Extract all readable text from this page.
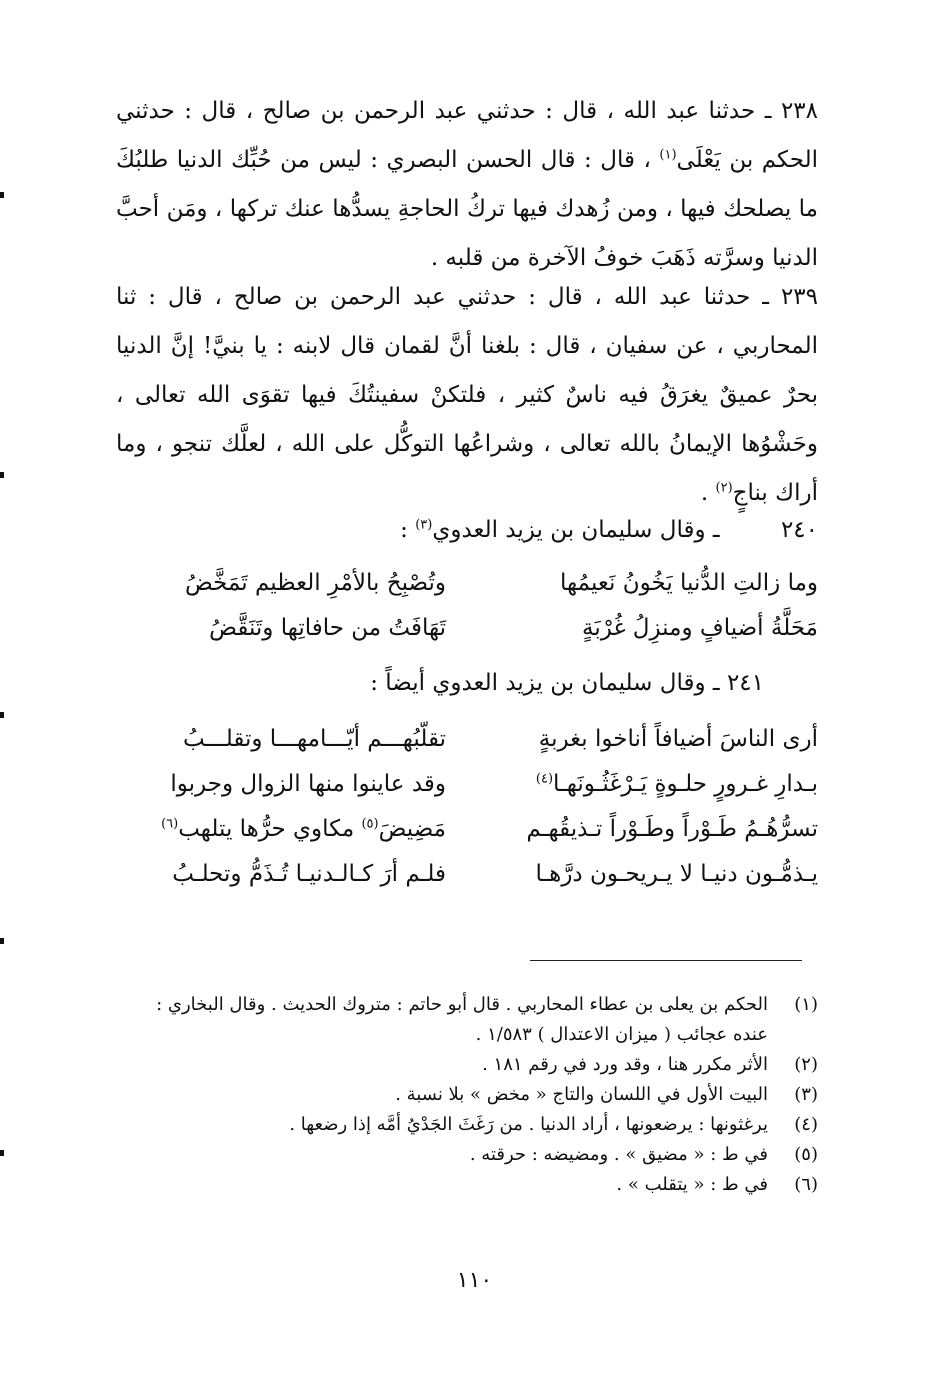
٢٣٨ ـ حدثنا عبد الله ، قال : حدثني عبد الرحمن بن صالح ، قال : حدثني الحكم بن يَعْلَى$^{(١)}$ ، قال : قال الحسن البصري : ليس من حُبِّك الدنيا طلبُكَ ما يصلحك فيها ، ومن زُهدك فيها تركُ الحاجةِ يسدُّها عنك تركها ، ومَن أحبَّ الدنيا وسرَّته ذَهَبَ خوفُ الآخرة من قلبه .

٢٣٩ ـ حدثنا عبد الله ، قال : حدثني عبد الرحمن بن صالح ، قال : ثنا المحاربي ، عن سفيان ، قال : بلغنا أنَّ لقمان قال لابنه : يا بنيَّ! إنَّ الدنيا بحرٌ عميقٌ يغرَقُ فيه ناسٌ كثير ، فلتكنْ سفينتُكَ فيها تقوَى الله تعالى ، وحَشْوُها الإيمانُ بالله تعالى ، وشراعُها التوكُّل على الله ، لعلَّك تنجو ، وما أراك بناجٍ$^{(٢)}$ .

٢٤٠ ـ وقال سليمان بن يزيد العدوي$^{(٣)}$ :
وما زالتِ الدُّنيا يَخُونُ نَعيمُها
وتُصْبِحُ بالأمْرِ العظيم تَمَخَّضُ
مَحَلَّةُ أضيافٍ ومنزِلُ غُرْبَةٍ
تَهَافَتُ من حافاتِها وتَنَقَّضُ
٢٤١ ـ وقال سليمان بن يزيد العدوي أيضاً :
أرى الناسَ أضيافاً أناخوا بغربةٍ
تقلّبُهـــم أيّـــامهـــا وتقلـــبُ
بـدارِ غـرورٍ حلـوةٍ يَـرْغَثُـونَهـا$^{(٤)}$
وقد عاينوا منها الزوال وجربوا
تسرُّهُـمُ طَـوْراً وطَـوْراً تـذيقُهـم
مَضِيضَ$^{(٥)}$ مكاوي حرُّها يتلهب$^{(٦)}$
يـذمُّـون دنيـا لا يـريحـون درَّهـا
فلـم أرَ كـالـدنيـا تُـذَمُّ وتحلـبُ
(١)
الحكم بن يعلى بن عطاء المحاربي . قال أبو حاتم : متروك الحديث . وقال البخاري : عنده عجائب ( ميزان الاعتدال ) ١/٥٨٣ .
(٢)
الأثر مكرر هنا ، وقد ورد في رقم ١٨١ .
(٣)
البيت الأول في اللسان والتاج « مخض » بلا نسبة .
(٤)
يرغثونها : يرضعونها ، أراد الدنيا . من رَغَثَ الجَدْيُ أمَّه إذا رضعها .
(٥)
في ط : « مضيق » . ومضيضه : حرقته .
(٦)
في ط : « يتقلب » .
١١٠
